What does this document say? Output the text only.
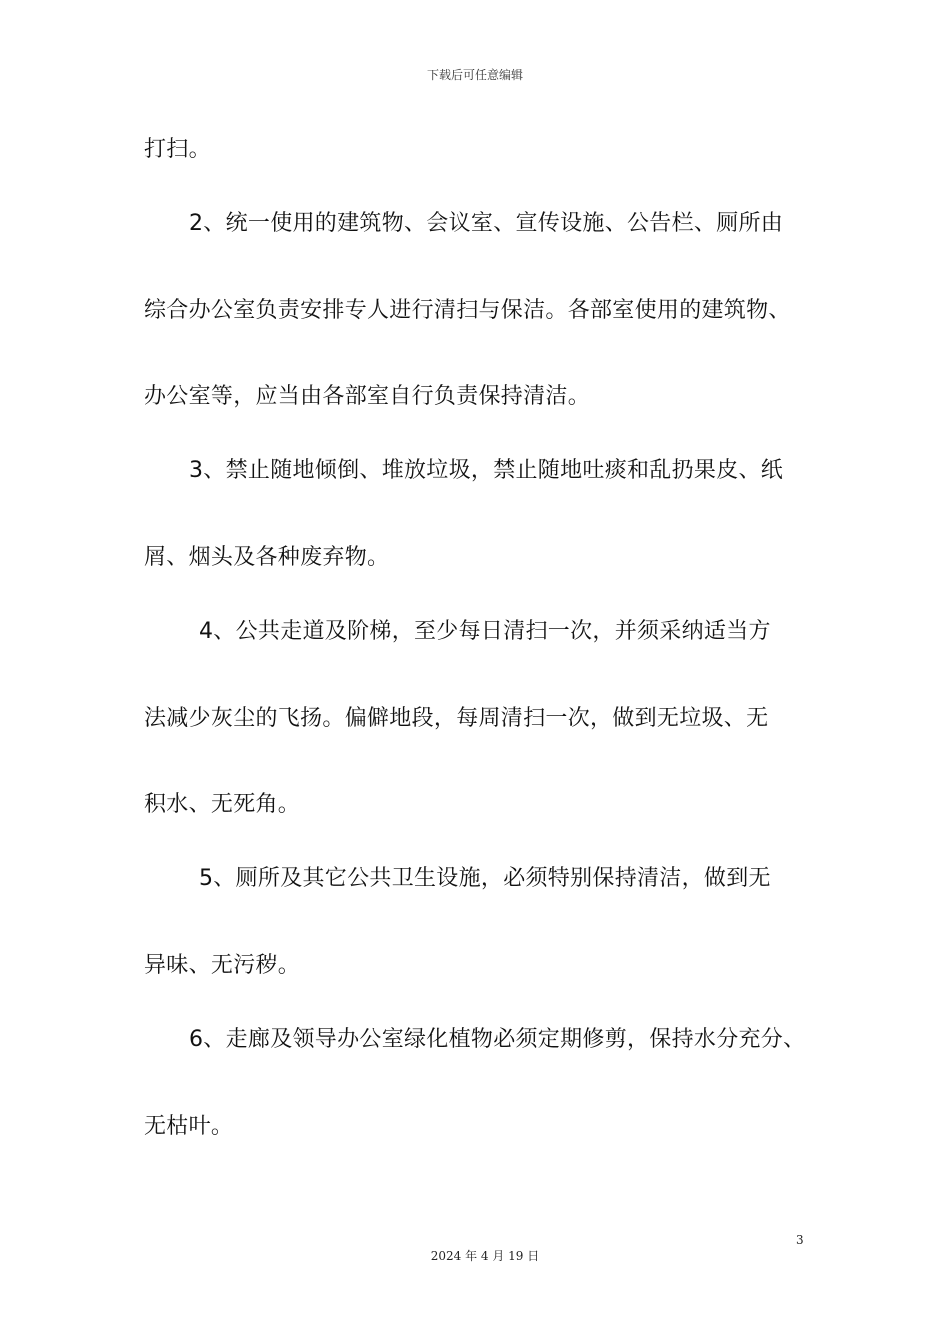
下载后可任意编辑
打扫。
2、统一使用的建筑物、会议室、宣传设施、公告栏、厕所由
综合办公室负责安排专人进行清扫与保洁。各部室使用的建筑物、
办公室等，应当由各部室自行负责保持清洁。
3、禁止随地倾倒、堆放垃圾，禁止随地吐痰和乱扔果皮、纸
屑、烟头及各种废弃物。
4、公共走道及阶梯，至少每日清扫一次，并须采纳适当方
法减少灰尘的飞扬。偏僻地段，每周清扫一次，做到无垃圾、无
积水、无死角。
5、厕所及其它公共卫生设施，必须特别保持清洁，做到无
异味、无污秽。
6、走廊及领导办公室绿化植物必须定期修剪，保持水分充分、
无枯叶。
3
2024 年 4 月 19 日
